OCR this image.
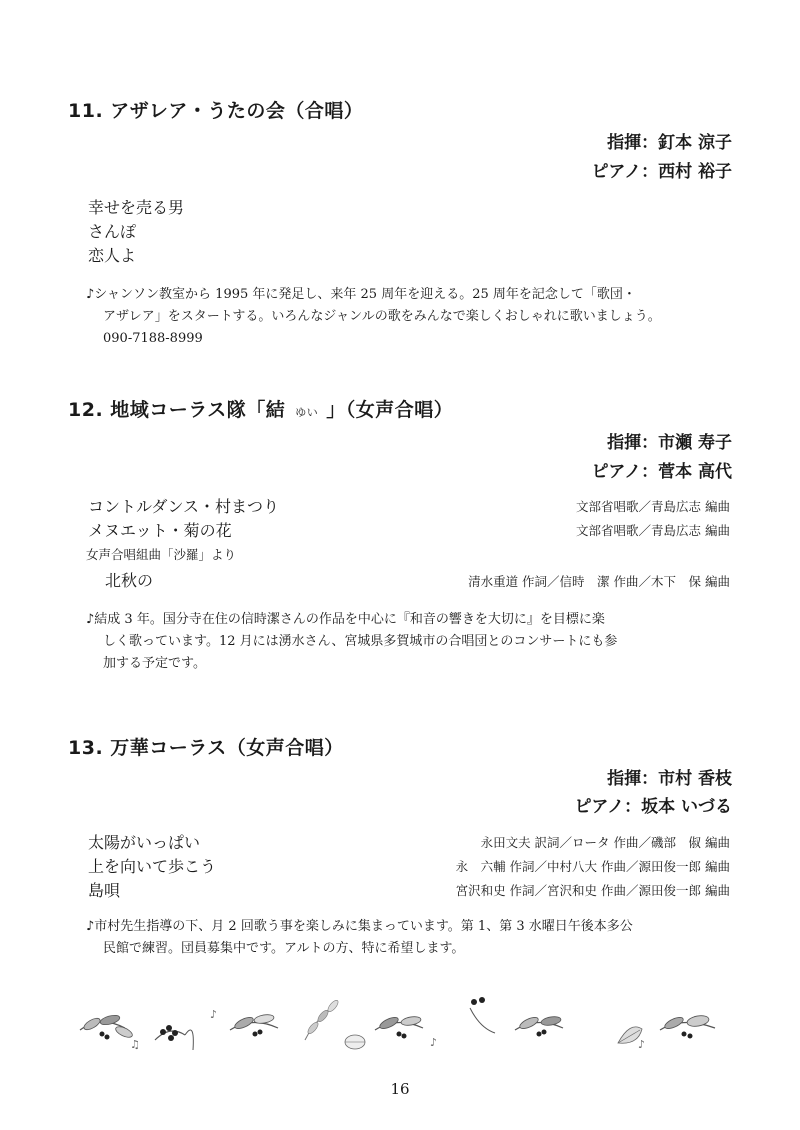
11. アザレア・うたの会（合唱）
指揮：釘本 涼子
ピアノ：西村 裕子
幸せを売る男
さんぽ
恋人よ
♪シャンソン教室から 1995 年に発足し、来年 25 周年を迎える。25 周年を記念して「歌団・
アザレア」をスタートする。いろんなジャンルの歌をみんなで楽しくおしゃれに歌いましょう。
090-7188-8999
12. 地域コーラス隊「結 ゆい 」（女声合唱）
指揮：市瀬 寿子
ピアノ：菅本 高代
コントルダンス・村まつり	文部省唱歌／青島広志 編曲
メヌエット・菊の花	文部省唱歌／青島広志 編曲
女声合唱組曲「沙羅」より
北秋の	清水重道 作詞／信時　潔 作曲／木下　保 編曲
♪結成 3 年。国分寺在住の信時潔さんの作品を中心に『和音の響きを大切に』を目標に楽
しく歌っています。12 月には湧水さん、宮城県多賀城市の合唱団とのコンサートにも参
加する予定です。
13. 万華コーラス（女声合唱）
指揮：市村 香枝
ピアノ：坂本 いづる
太陽がいっぱい	永田文夫 訳詞／ロータ 作曲／磯部　俶 編曲
上を向いて歩こう	永　六輔 作詞／中村八大 作曲／源田俊一郎 編曲
島唄	宮沢和史 作詞／宮沢和史 作曲／源田俊一郎 編曲
♪市村先生指導の下、月 2 回歌う事を楽しみに集まっています。第 1、第 3 水曜日午後本多公
民館で練習。団員募集中です。アルトの方、特に希望します。
♪
♫	♪	♪
16
